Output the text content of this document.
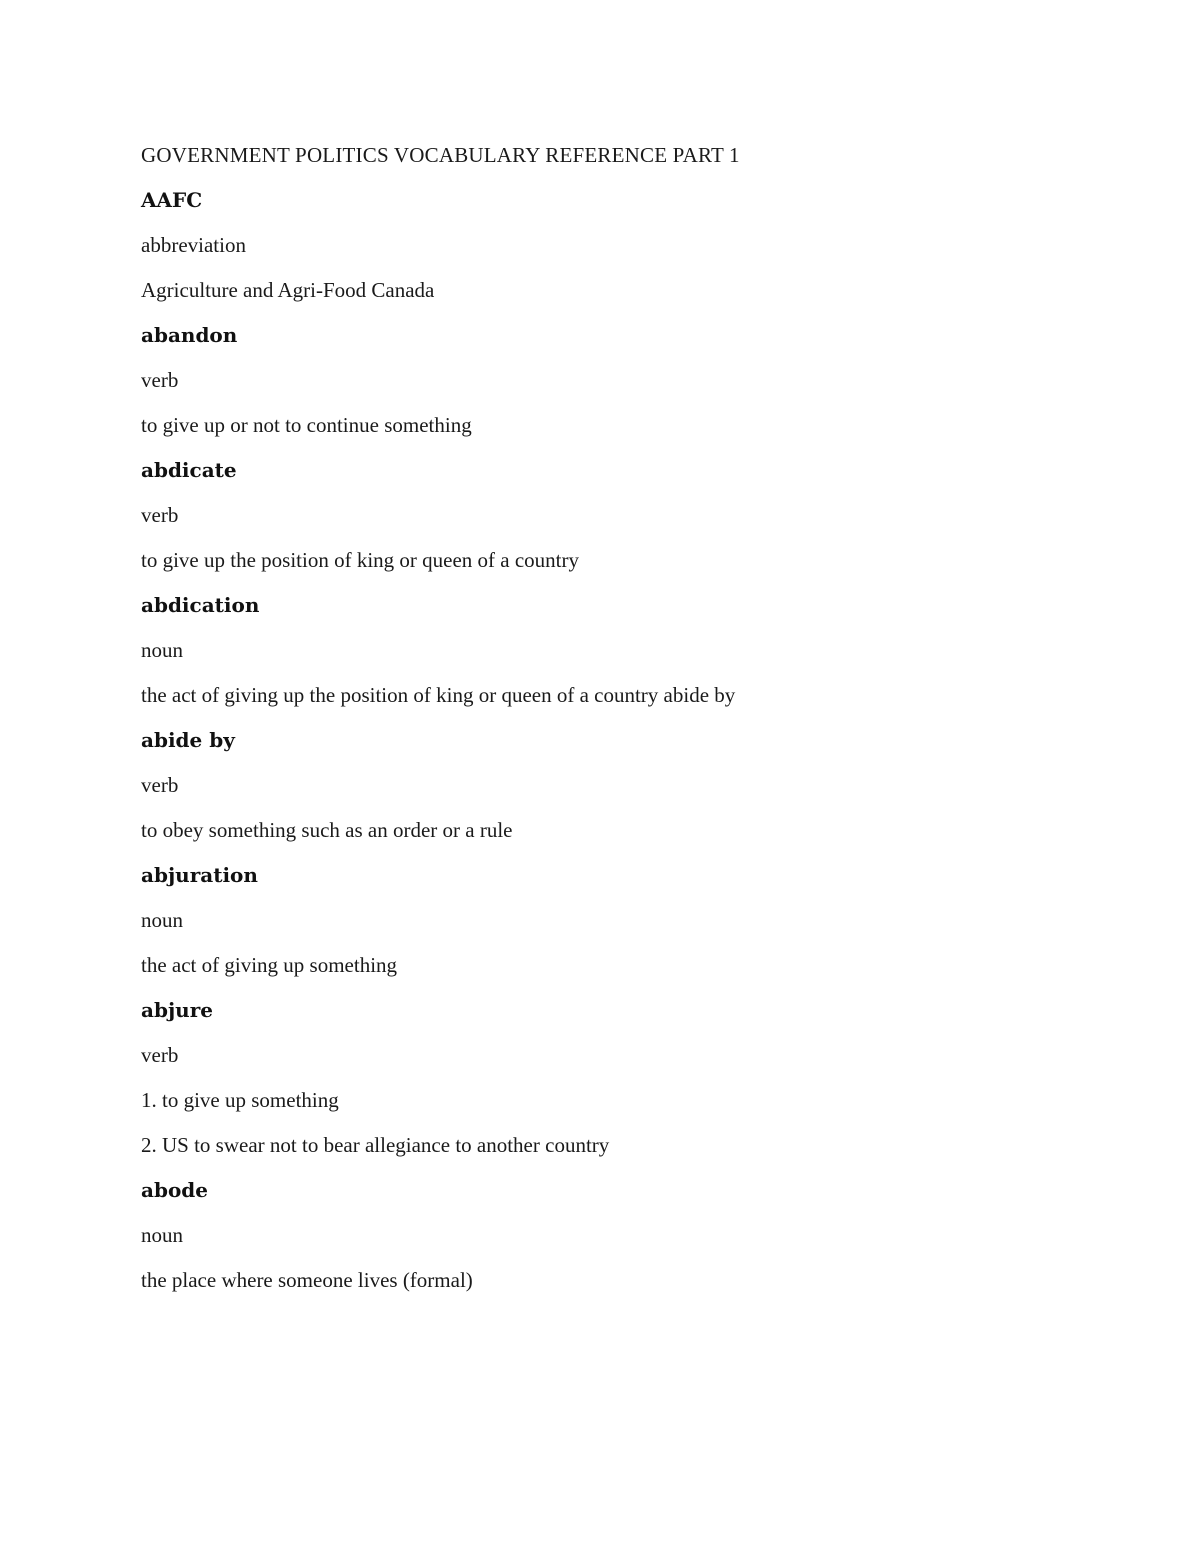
GOVERNMENT POLITICS VOCABULARY REFERENCE PART 1
AAFC
abbreviation
Agriculture and Agri-Food Canada
abandon
verb
to give up or not to continue something
abdicate
verb
to give up the position of king or queen of a country
abdication
noun
the act of giving up the position of king or queen of a country abide by
abide by
verb
to obey something such as an order or a rule
abjuration
noun
the act of giving up something
abjure
verb
1. to give up something
2. US to swear not to bear allegiance to another country
abode
noun
the place where someone lives (formal)
